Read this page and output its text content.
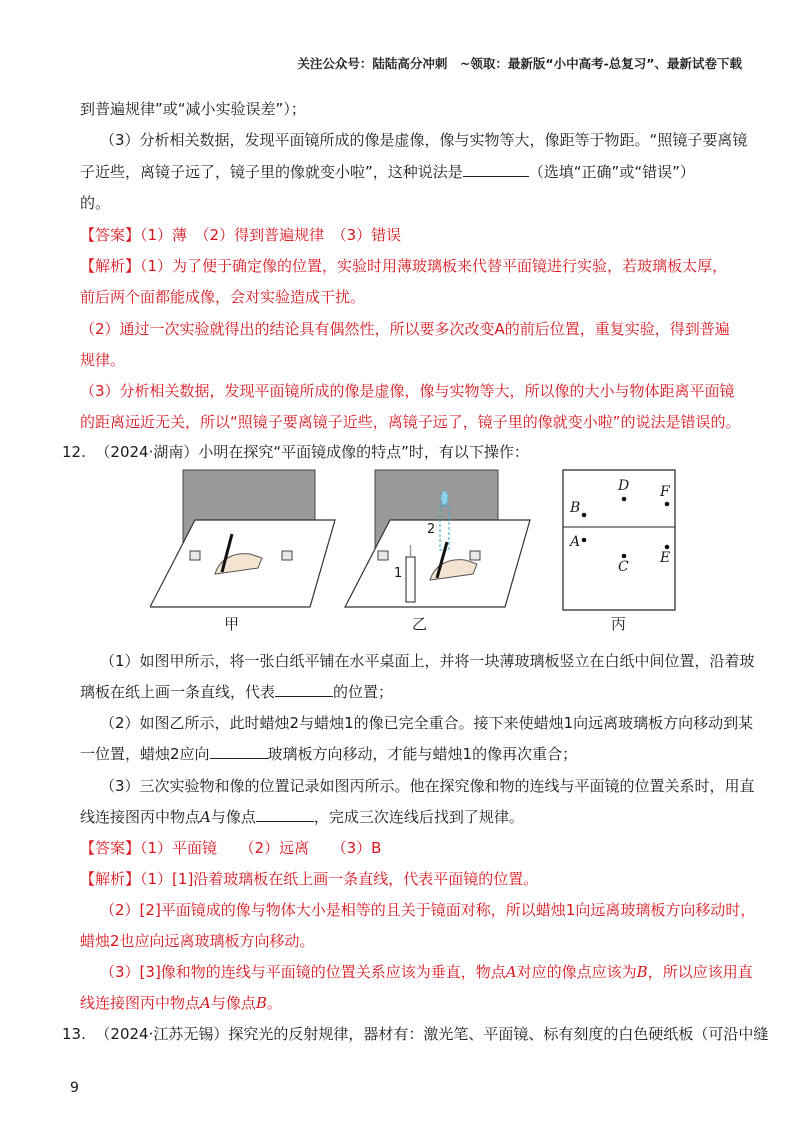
关注公众号：陆陆高分冲刺　~领取：最新版“小中高考-总复习”、最新试卷下载
到普遍规律”或“减小实验误差”）；
（3）分析相关数据，发现平面镜所成的像是虚像，像与实物等大，像距等于物距。“照镜子要离镜
子近些，离镜子远了，镜子里的像就变小啦”，这种说法是	（选填“正确”或“错误”）
的。
【答案】（1）薄　（2）得到普遍规律　（3）错误
【解析】（1）为了便于确定像的位置，实验时用薄玻璃板来代替平面镜进行实验，若玻璃板太厚，
前后两个面都能成像，会对实验造成干扰。
（2）通过一次实验就得出的结论具有偶然性，所以要多次改变A的前后位置，重复实验，得到普遍
规律。
（3）分析相关数据，发现平面镜所成的像是虚像，像与实物等大，所以像的大小与物体距离平面镜
的距离远近无关，所以“照镜子要离镜子近些，离镜子远了，镜子里的像就变小啦”的说法是错误的。
12. （2024·湖南）小明在探究“平面镜成像的特点”时，有以下操作：
甲	乙	丙
1
2
D F
B
A
C
E
（1）如图甲所示，将一张白纸平铺在水平桌面上，并将一块薄玻璃板竖立在白纸中间位置，沿着玻
璃板在纸上画一条直线，代表	的位置；
（2）如图乙所示，此时蜡烛2与蜡烛1的像已完全重合。接下来使蜡烛1向远离玻璃板方向移动到某
一位置，蜡烛2应向	玻璃板方向移动，才能与蜡烛1的像再次重合；
（3）三次实验物和像的位置记录如图丙所示。他在探究像和物的连线与平面镜的位置关系时，用直
线连接图丙中物点A与像点	，完成三次连线后找到了规律。
【答案】（1）平面镜　　（2）远离　　（3）B
【解析】（1）[1]沿着玻璃板在纸上画一条直线，代表平面镜的位置。
（2）[2]平面镜成的像与物体大小是相等的且关于镜面对称，所以蜡烛1向远离玻璃板方向移动时，
蜡烛2也应向远离玻璃板方向移动。
（3）[3]像和物的连线与平面镜的位置关系应该为垂直，物点A对应的像点应该为B，所以应该用直
线连接图丙中物点A与像点B。
13. （2024·江苏无锡）探究光的反射规律，器材有：激光笔、平面镜、标有刻度的白色硬纸板（可沿中缝
9
